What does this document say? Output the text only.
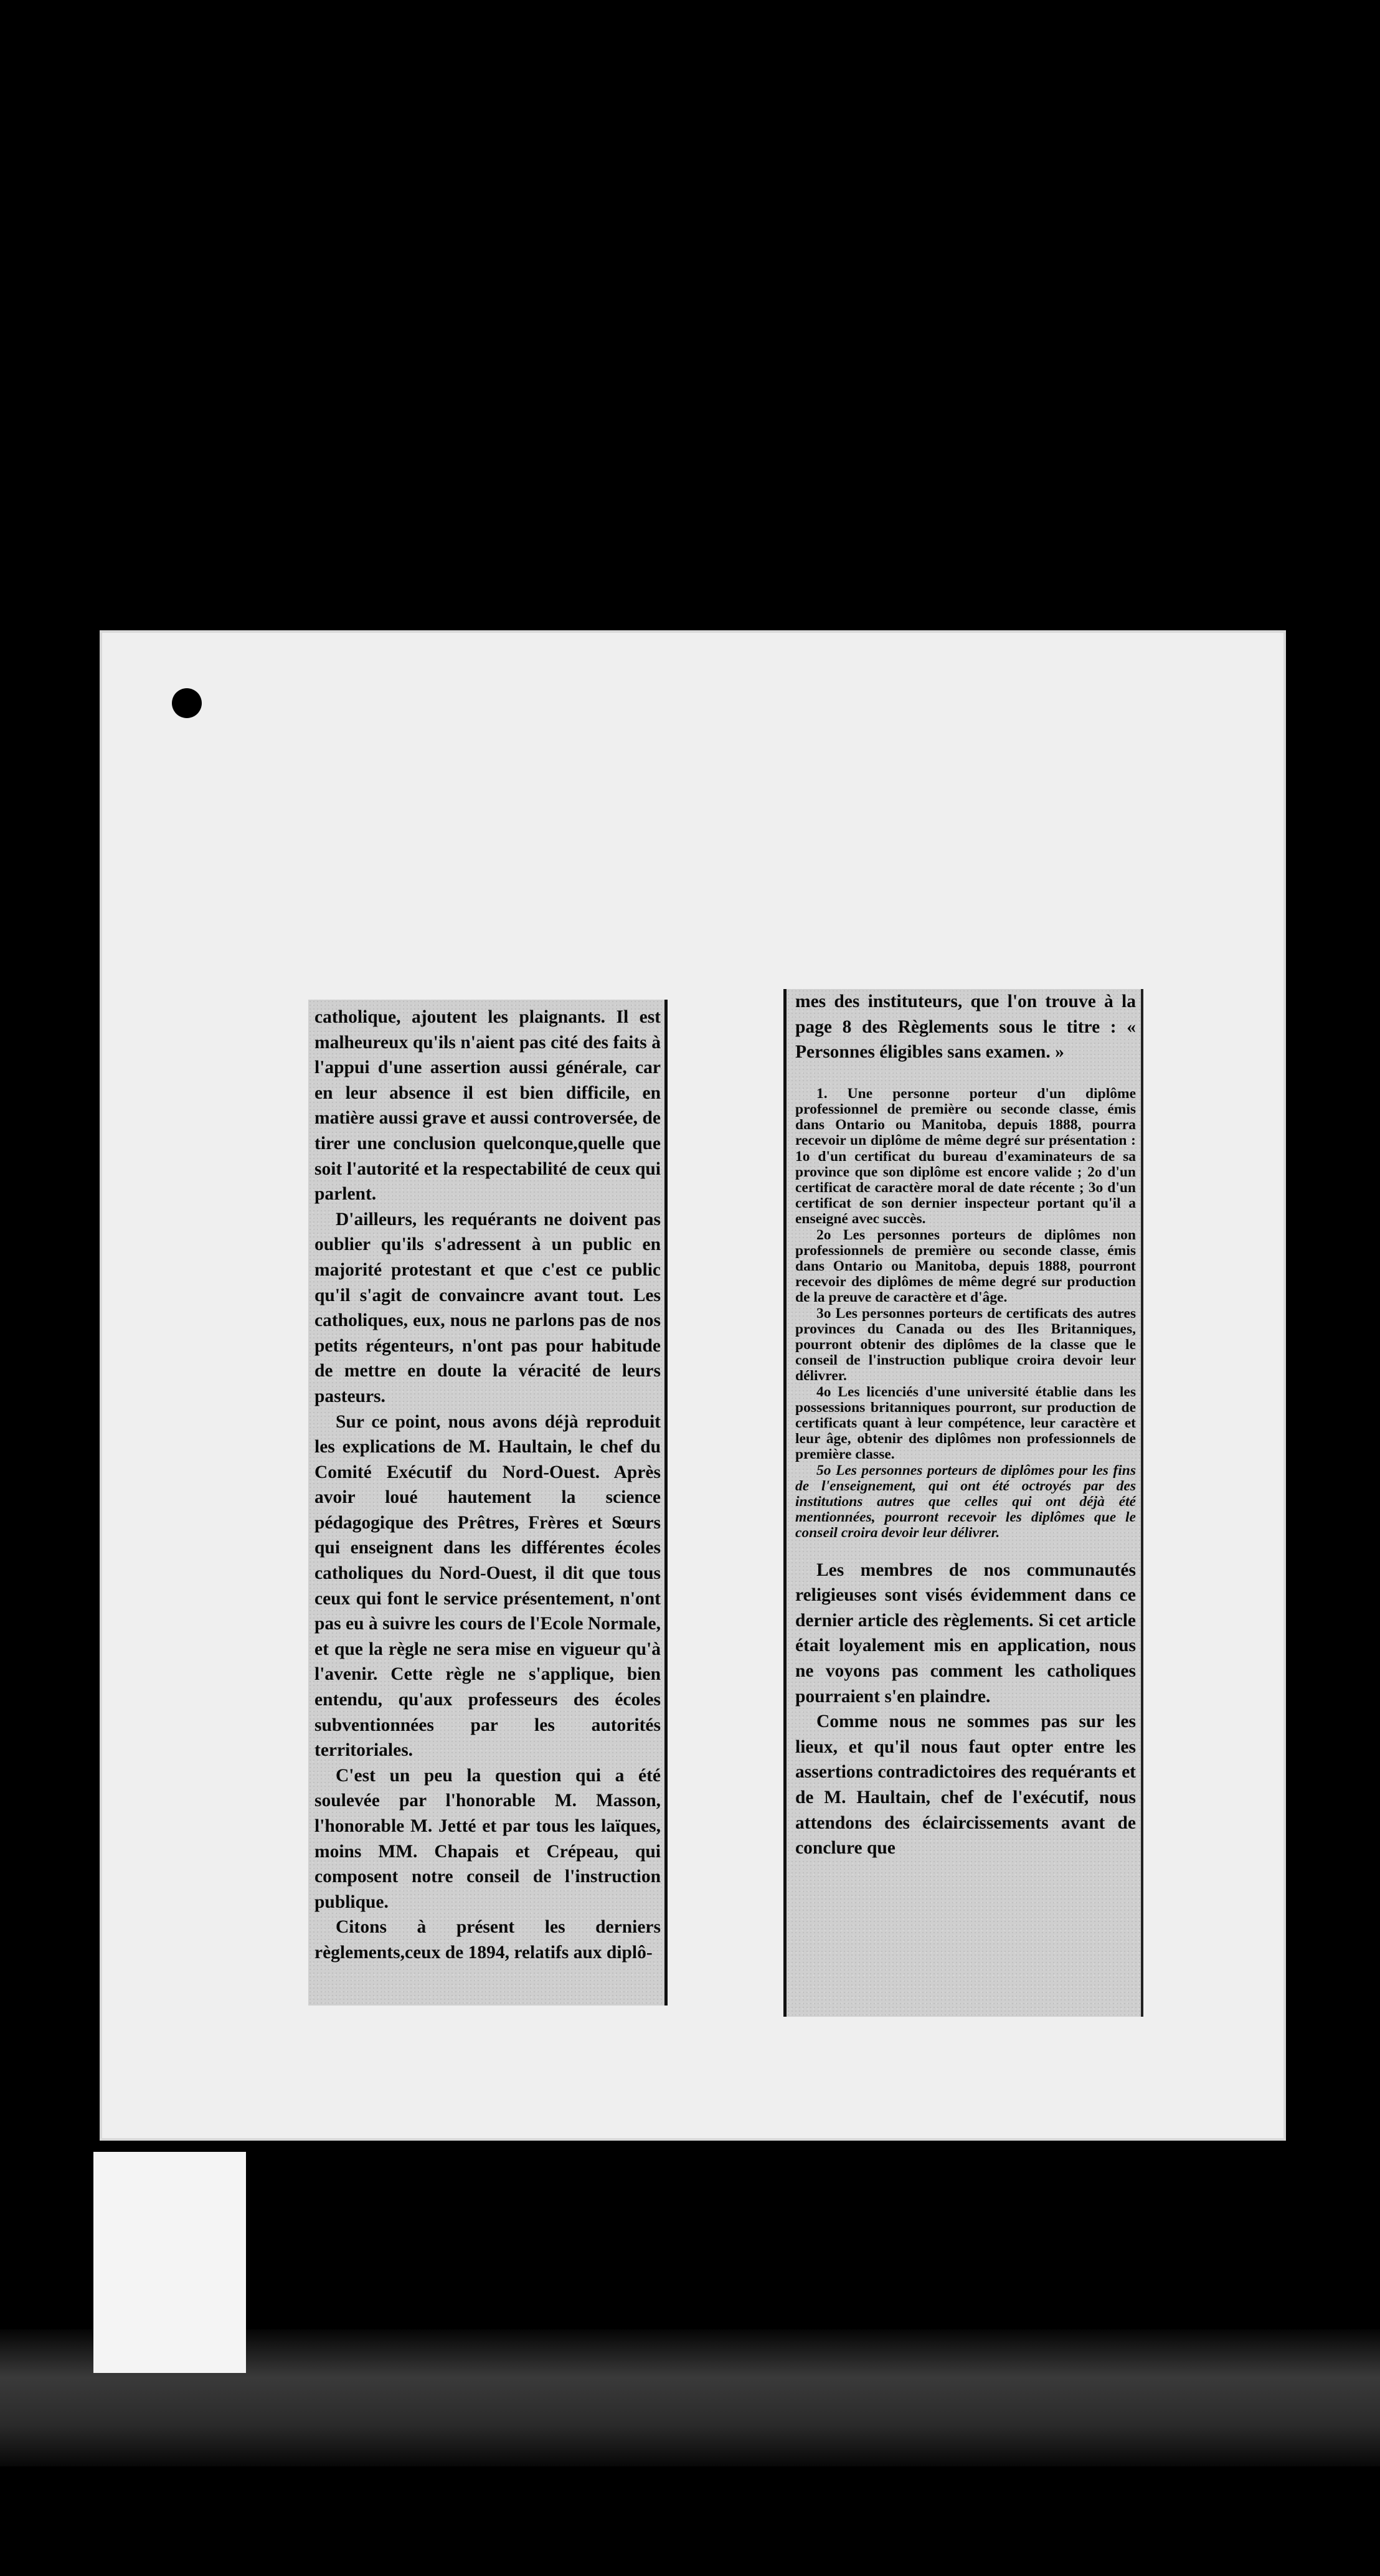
catholique, ajoutent les plaignants. Il est malheureux qu'ils n'aient pas cité des faits à l'appui d'une assertion aussi générale, car en leur absence il est bien difficile, en matière aussi grave et aussi controversée, de tirer une conclusion quelconque,quelle que soit l'autorité et la respectabilité de ceux qui parlent.

D'ailleurs, les requérants ne doivent pas oublier qu'ils s'adressent à un public en majorité protestant et que c'est ce public qu'il s'agit de convaincre avant tout. Les catholiques, eux, nous ne parlons pas de nos petits régenteurs, n'ont pas pour habitude de mettre en doute la véracité de leurs pasteurs.

Sur ce point, nous avons déjà reproduit les explications de M. Haultain, le chef du Comité Exécutif du Nord-Ouest. Après avoir loué hautement la science pédagogique des Prêtres, Frères et Sœurs qui enseignent dans les différentes écoles catholiques du Nord-Ouest, il dit que tous ceux qui font le service présentement, n'ont pas eu à suivre les cours de l'Ecole Normale, et que la règle ne sera mise en vigueur qu'à l'avenir. Cette règle ne s'applique, bien entendu, qu'aux professeurs des écoles subventionnées par les autorités territoriales.

C'est un peu la question qui a été soulevée par l'honorable M. Masson, l'honorable M. Jetté et par tous les laïques, moins MM. Chapais et Crépeau, qui composent notre conseil de l'instruction publique.

Citons à présent les derniers règlements,ceux de 1894, relatifs aux diplô-

mes des instituteurs, que l'on trouve à la page 8 des Règlements sous le titre : « Personnes éligibles sans examen. »

1. Une personne porteur d'un diplôme professionnel de première ou seconde classe, émis dans Ontario ou Manitoba, depuis 1888, pourra recevoir un diplôme de même degré sur présentation : 1o d'un certificat du bureau d'examinateurs de sa province que son diplôme est encore valide ; 2o d'un certificat de caractère moral de date récente ; 3o d'un certificat de son dernier inspecteur portant qu'il a enseigné avec succès.

2o Les personnes porteurs de diplômes non professionnels de première ou seconde classe, émis dans Ontario ou Manitoba, depuis 1888, pourront recevoir des diplômes de même degré sur production de la preuve de caractère et d'âge.

3o Les personnes porteurs de certificats des autres provinces du Canada ou des Iles Britanniques, pourront obtenir des diplômes de la classe que le conseil de l'instruction publique croira devoir leur délivrer.

4o Les licenciés d'une université établie dans les possessions britanniques pourront, sur production de certificats quant à leur compétence, leur caractère et leur âge, obtenir des diplômes non professionnels de première classe.

5o Les personnes porteurs de diplômes pour les fins de l'enseignement, qui ont été octroyés par des institutions autres que celles qui ont déjà été mentionnées, pourront recevoir les diplômes que le conseil croira devoir leur délivrer.

Les membres de nos communautés religieuses sont visés évidemment dans ce dernier article des règlements. Si cet article était loyalement mis en application, nous ne voyons pas comment les catholiques pourraient s'en plaindre.

Comme nous ne sommes pas sur les lieux, et qu'il nous faut opter entre les assertions contradictoires des requérants et de M. Haultain, chef de l'exécutif, nous attendons des éclaircissements avant de conclure que
